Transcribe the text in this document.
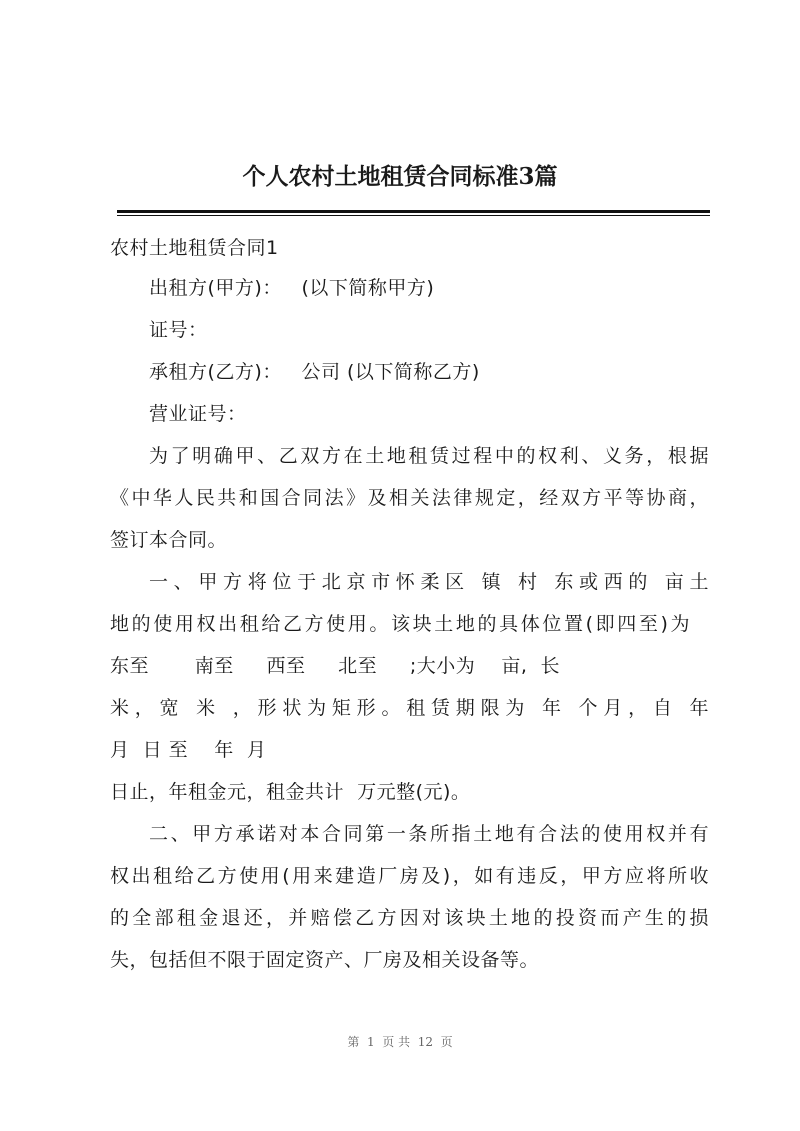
个人农村土地租赁合同标准3篇
农村土地租赁合同1
出租方(甲方)：   (以下简称甲方)
证号：
承租方(乙方)：   公司 (以下简称乙方)
营业证号：
为了明确甲、乙双方在土地租赁过程中的权利、义务，根据
《中华人民共和国合同法》及相关法律规定，经双方平等协商，
签订本合同。
一、甲方将位于北京市怀柔区 镇 村 东或西的 亩土
地的使用权出租给乙方使用。该块土地的具体位置(即四至)为
东至       南至     西至     北至     ;大小为    亩,  长
米，宽 米 ，形状为矩形。租赁期限为 年 个月，自 年
月  日 至    年  月
日止，年租金元，租金共计  万元整(元)。
二、甲方承诺对本合同第一条所指土地有合法的使用权并有
权出租给乙方使用(用来建造厂房及)，如有违反，甲方应将所收
的全部租金退还，并赔偿乙方因对该块土地的投资而产生的损
失，包括但不限于固定资产、厂房及相关设备等。
第  1  页 共  12  页
